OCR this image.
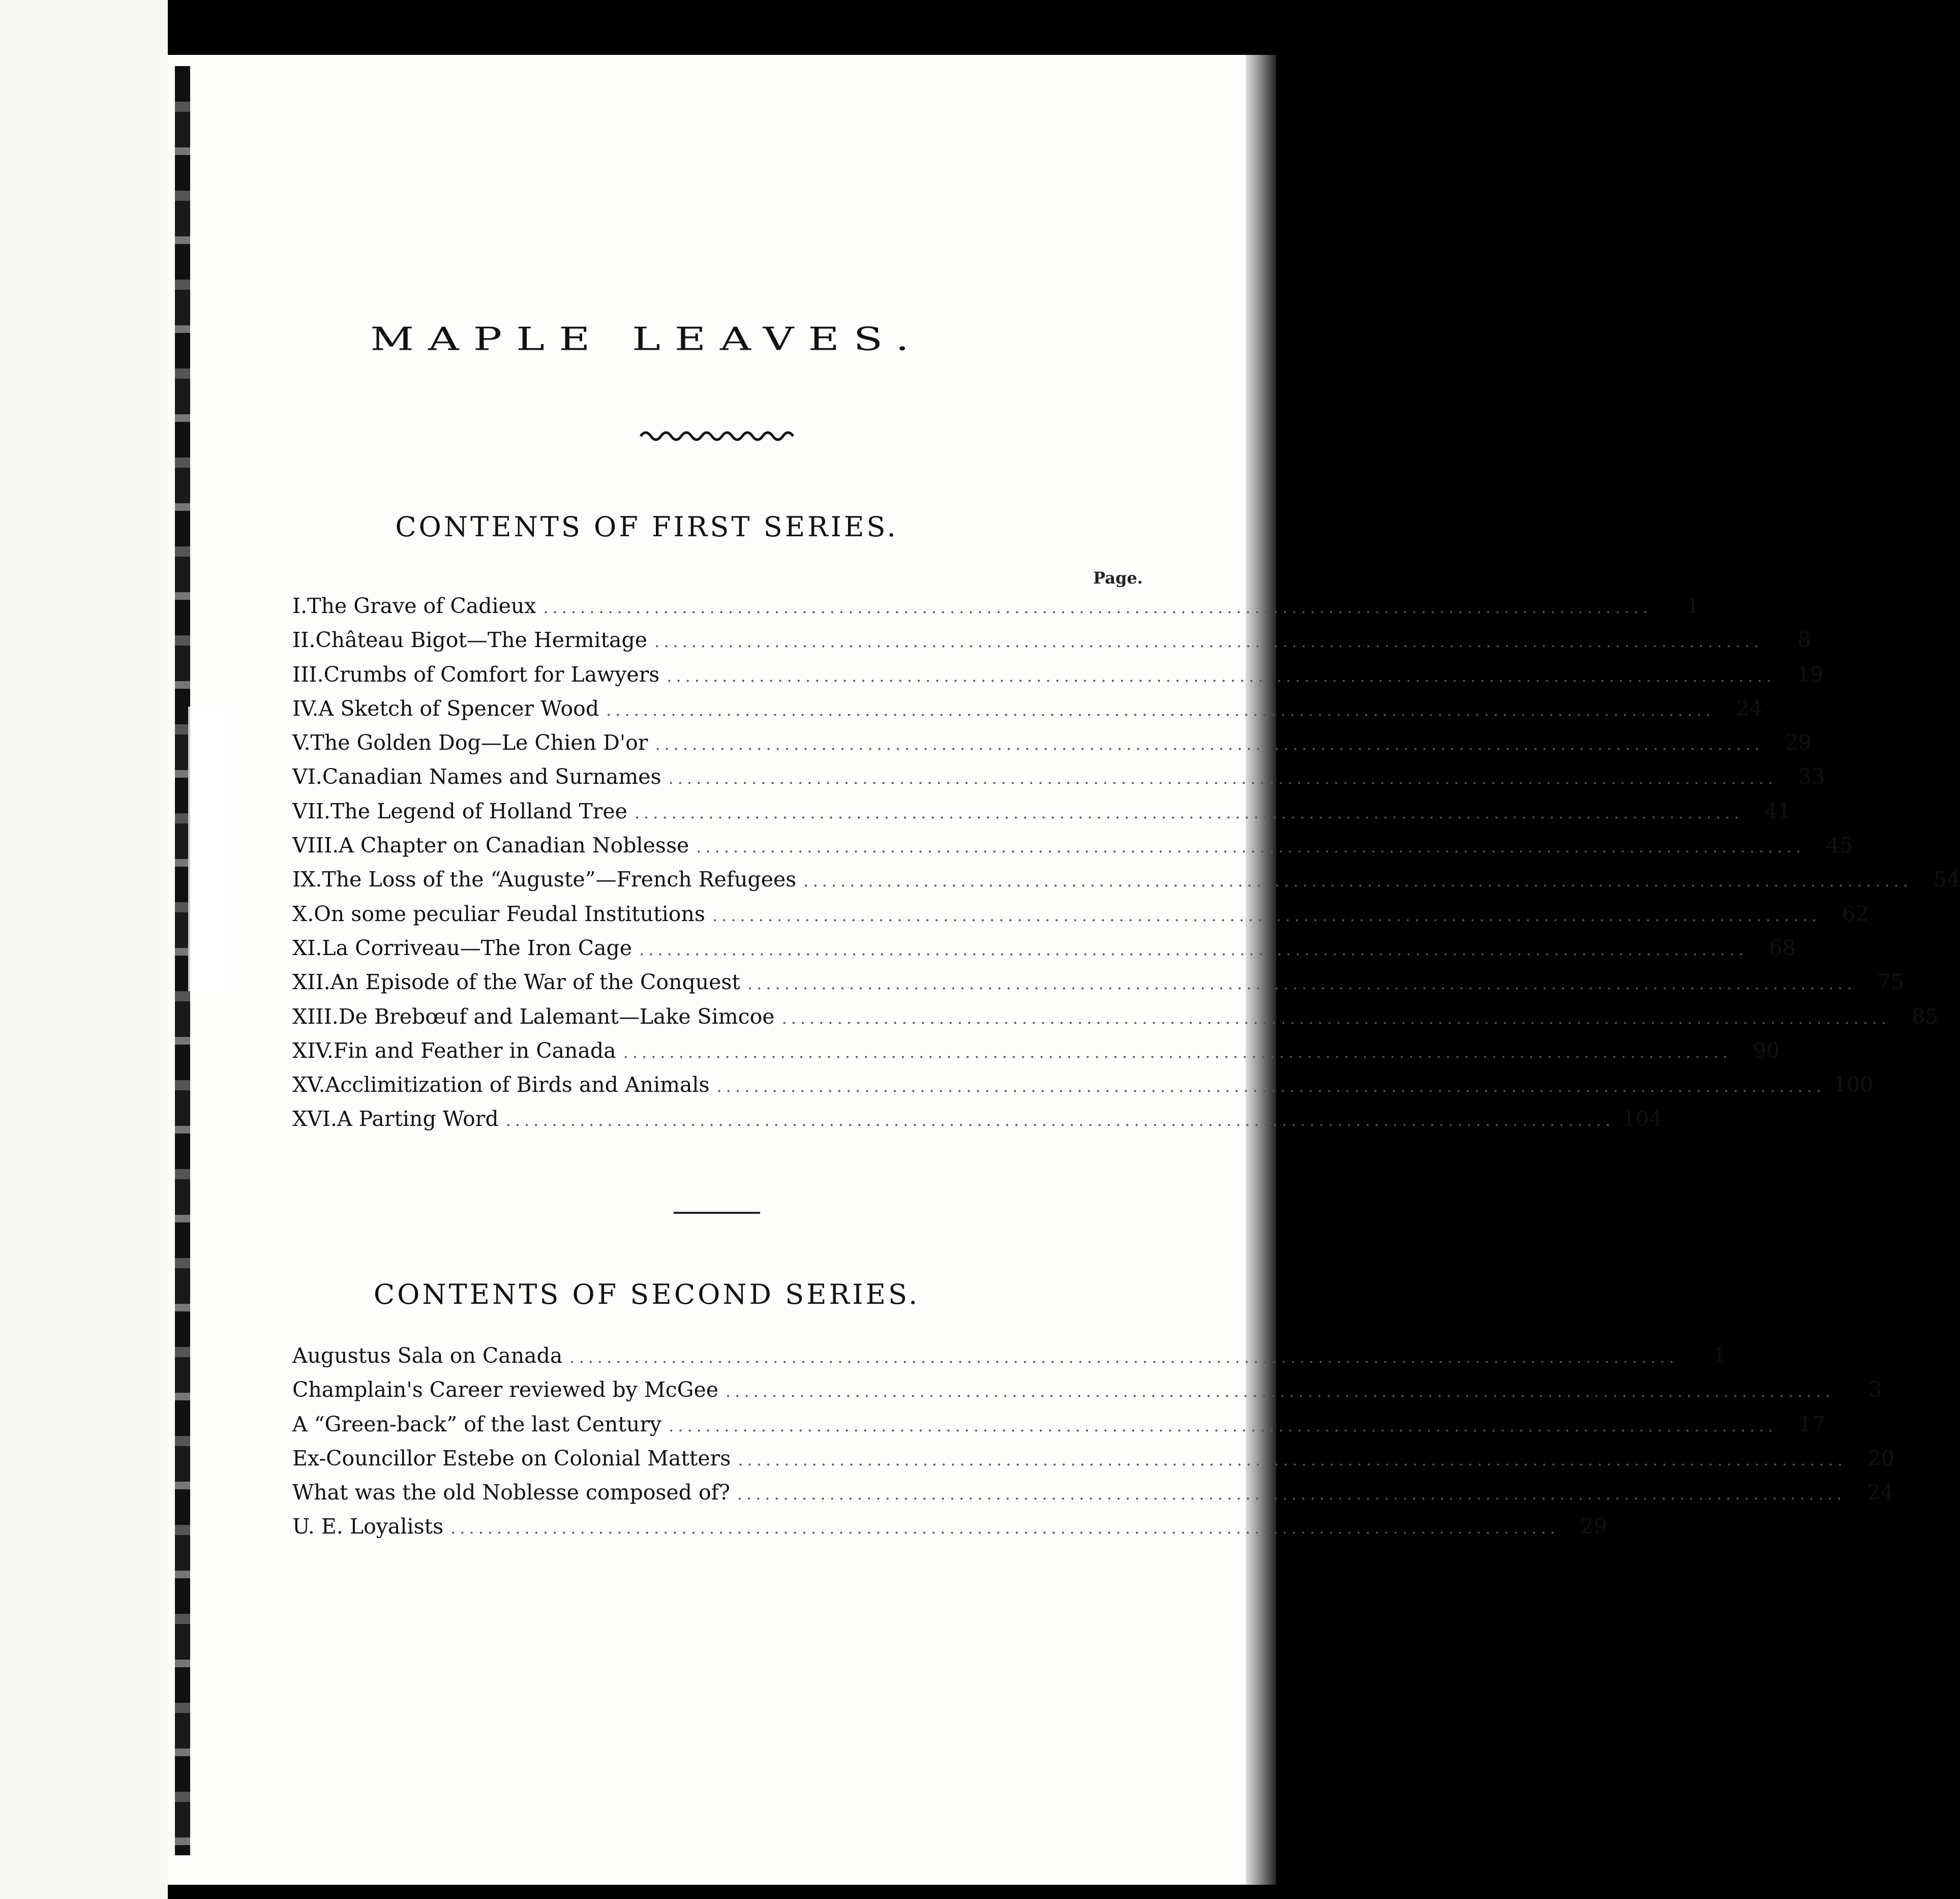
MAPLE LEAVES.
CONTENTS OF FIRST SERIES.
Page.
I. The Grave of Cadieux ........................................................................................................................	1
II. Château Bigot—The Hermitage ........................................................................................................................	8
III. Crumbs of Comfort for Lawyers ........................................................................................................................	19
IV. A Sketch of Spencer Wood ........................................................................................................................	24
V. The Golden Dog—Le Chien D'or ........................................................................................................................	29
VI. Canadian Names and Surnames ........................................................................................................................	33
VII. The Legend of Holland Tree ........................................................................................................................	41
VIII. A Chapter on Canadian Noblesse ........................................................................................................................	45
IX. The Loss of the “Auguste”—French Refugees ........................................................................................................................	54
X. On some peculiar Feudal Institutions ........................................................................................................................	62
XI. La Corriveau—The Iron Cage ........................................................................................................................	68
XII. An Episode of the War of the Conquest ........................................................................................................................	75
XIII. De Brebœuf and Lalemant—Lake Simcoe ........................................................................................................................	85
XIV. Fin and Feather in Canada ........................................................................................................................	90
XV. Acclimitization of Birds and Animals ........................................................................................................................ 100
XVI. A Parting Word ........................................................................................................................ 104
CONTENTS OF SECOND SERIES.
Augustus Sala on Canada ........................................................................................................................	1
Champlain's Career reviewed by McGee ........................................................................................................................	3
A “Green-back” of the last Century ........................................................................................................................	17
Ex-Councillor Estebe on Colonial Matters ........................................................................................................................	20
What was the old Noblesse composed of? ........................................................................................................................	24
U. E. Loyalists ........................................................................................................................	29
